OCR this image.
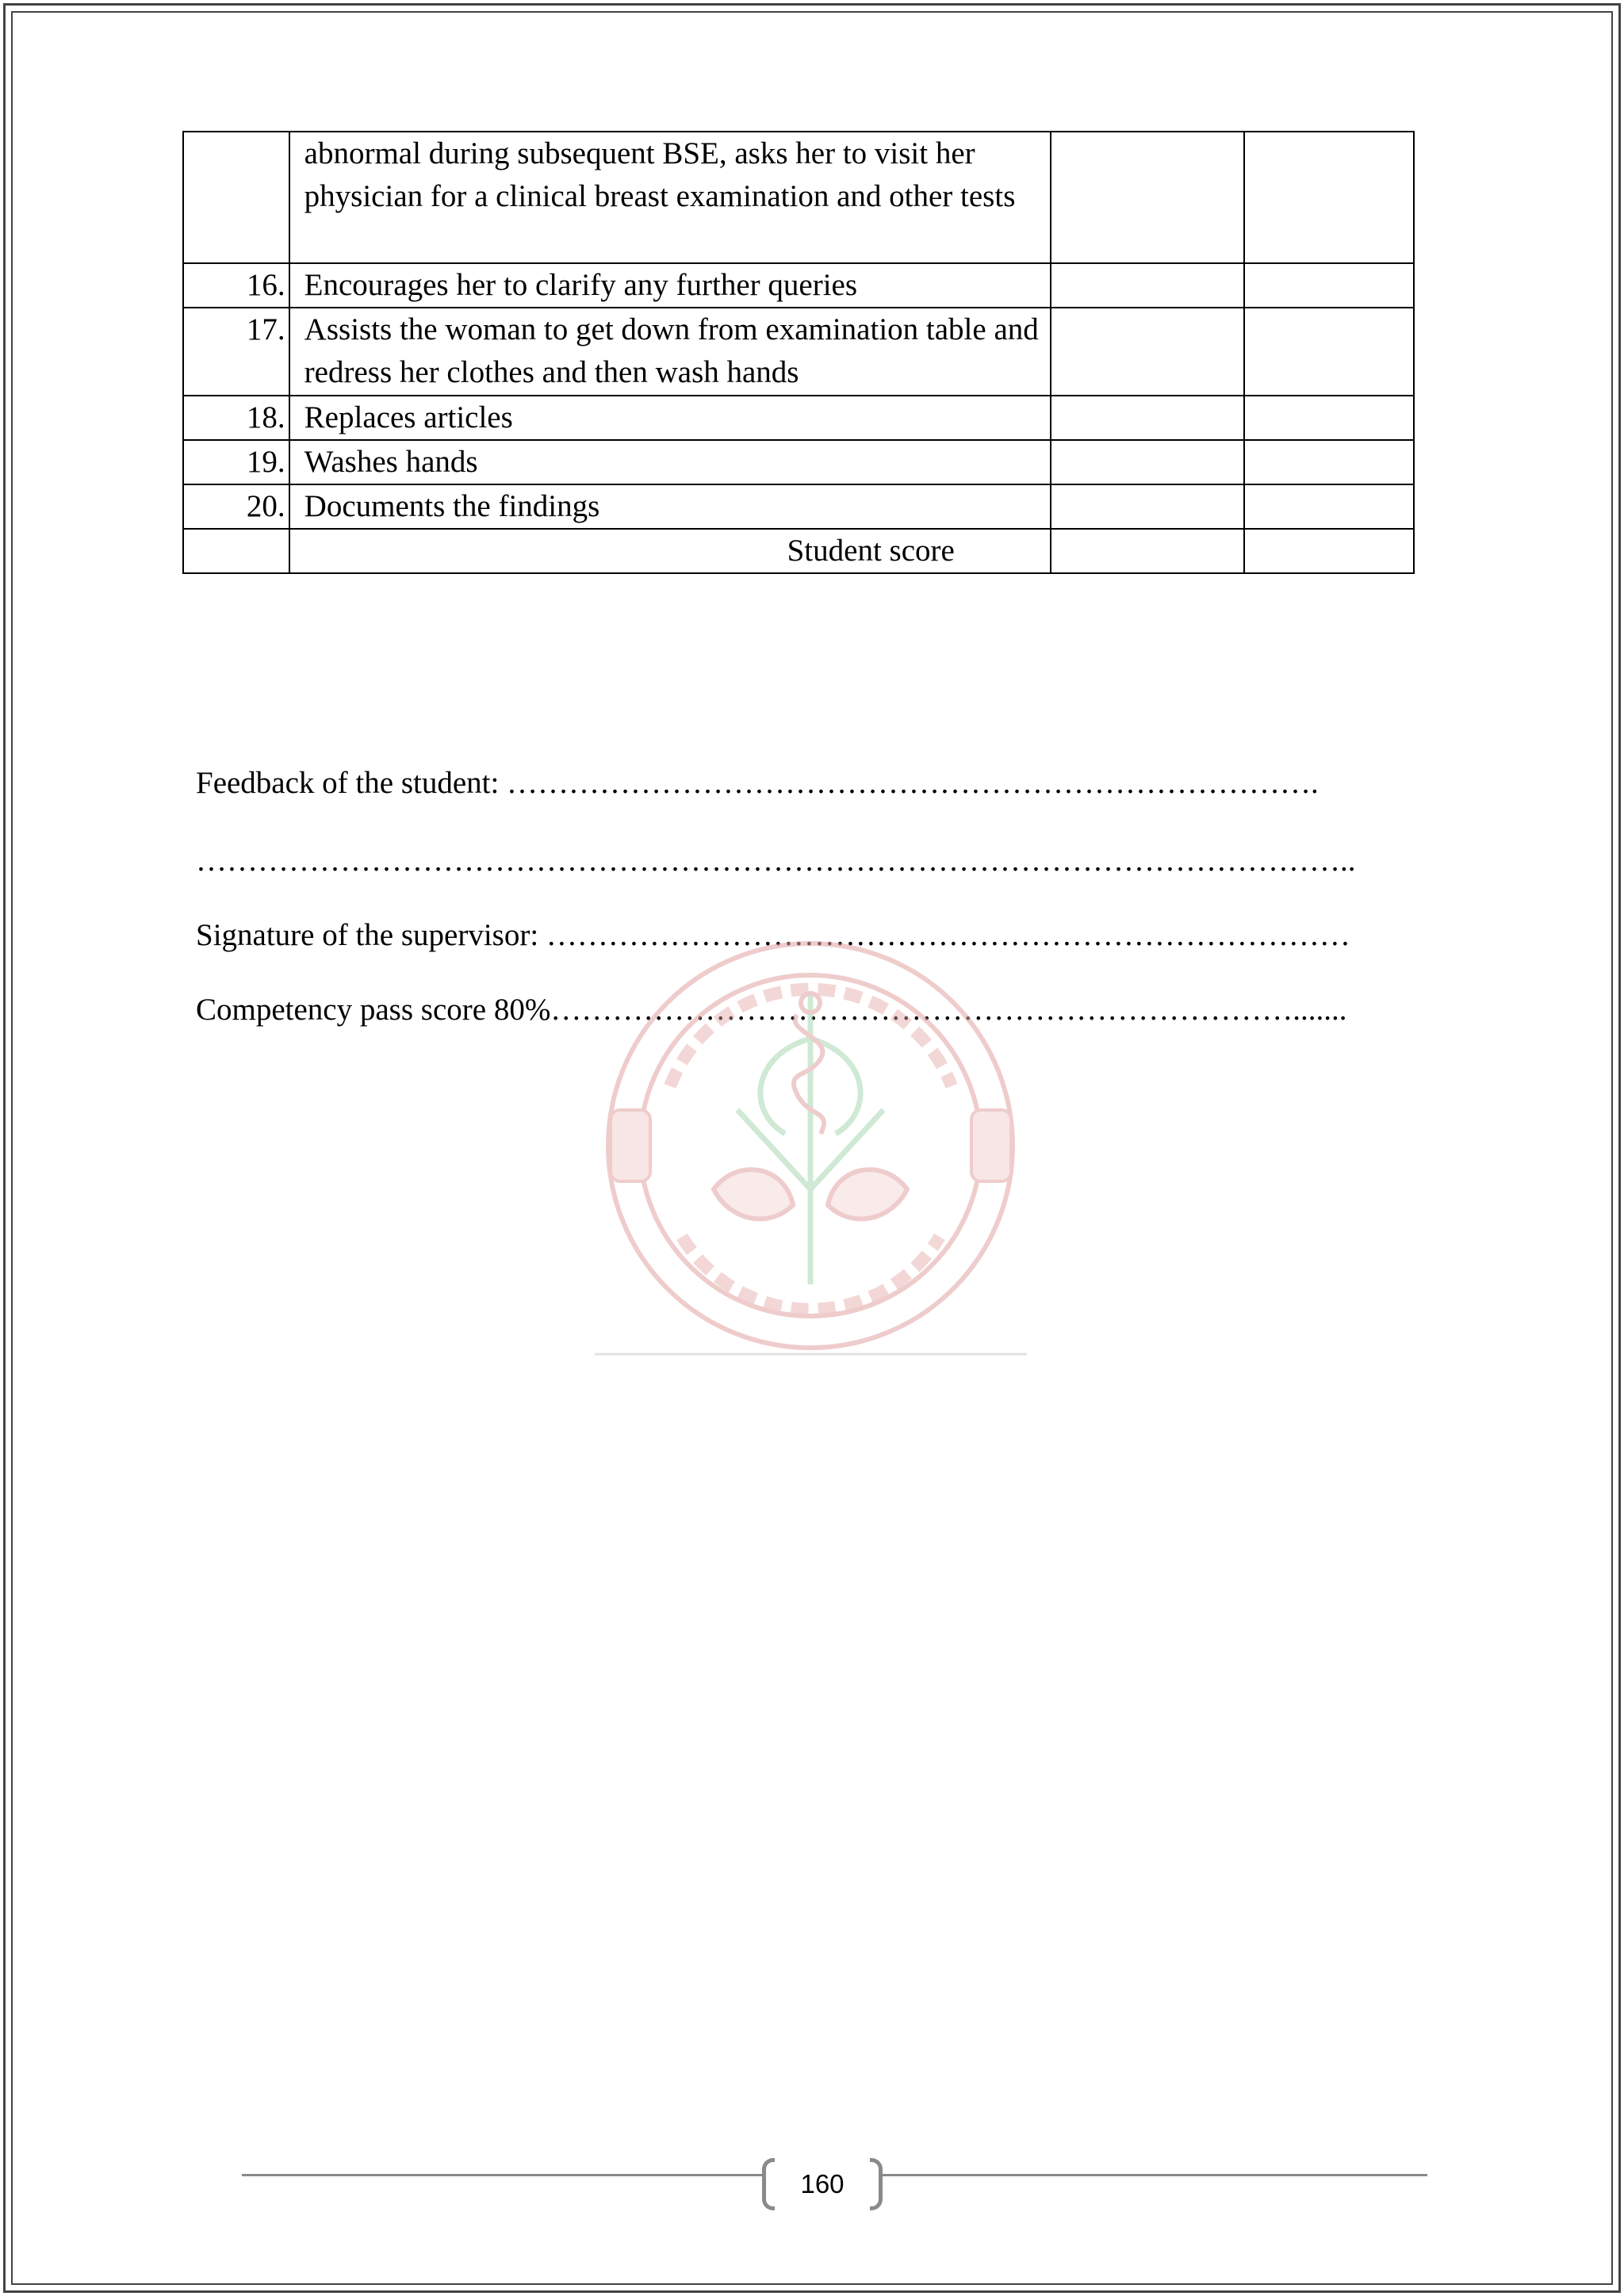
	abnormal during subsequent BSE, asks her to visit her physician for a clinical breast examination and other tests		
16.	Encourages her to clarify any further queries		
17.	Assists the woman to get down from examination table and redress her clothes and then wash hands		
18.	Replaces articles		
19.	Washes hands		
20.	Documents the findings		
	Student score		
Feedback of the student: …………………………………………………………………….
…………………………………………………………………………………………………..
Signature of the supervisor: ……………………………………………………………………
Competency pass score 80%……………………………………………………………….......
160
